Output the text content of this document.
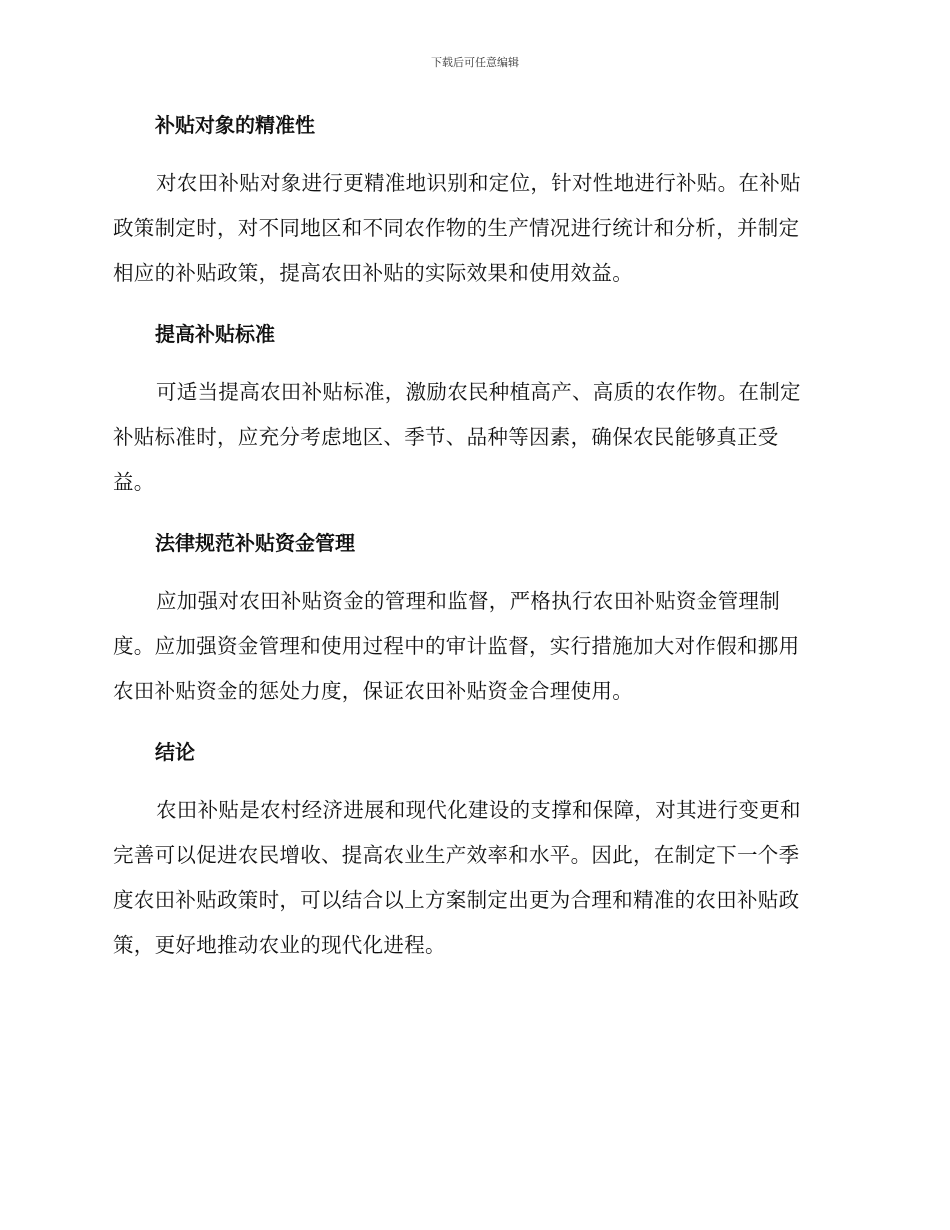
下载后可任意编辑
补贴对象的精准性
对农田补贴对象进行更精准地识别和定位，针对性地进行补贴。在补贴
政策制定时，对不同地区和不同农作物的生产情况进行统计和分析，并制定
相应的补贴政策，提高农田补贴的实际效果和使用效益。
提高补贴标准
可适当提高农田补贴标准，激励农民种植高产、高质的农作物。在制定
补贴标准时，应充分考虑地区、季节、品种等因素，确保农民能够真正受
益。
法律规范补贴资金管理
应加强对农田补贴资金的管理和监督，严格执行农田补贴资金管理制
度。应加强资金管理和使用过程中的审计监督，实行措施加大对作假和挪用
农田补贴资金的惩处力度，保证农田补贴资金合理使用。
结论
农田补贴是农村经济进展和现代化建设的支撑和保障，对其进行变更和
完善可以促进农民增收、提高农业生产效率和水平。因此，在制定下一个季
度农田补贴政策时，可以结合以上方案制定出更为合理和精准的农田补贴政
策，更好地推动农业的现代化进程。
